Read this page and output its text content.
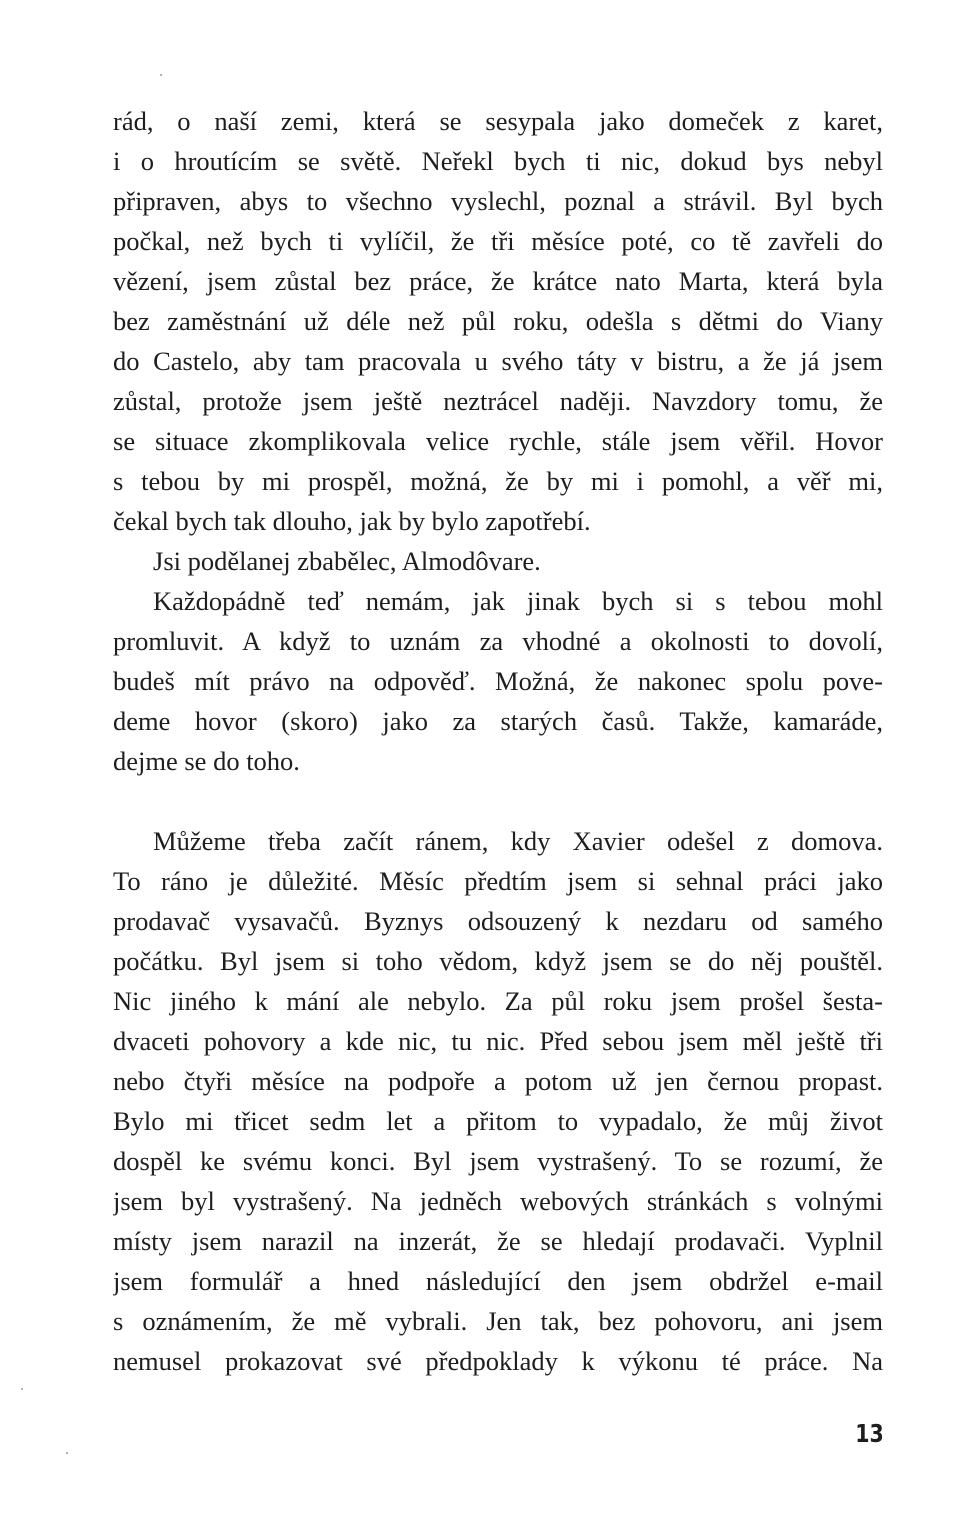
rád, o naší zemi, která se sesypala jako domeček z karet,
i o hroutícím se světě. Neřekl bych ti nic, dokud bys nebyl
připraven, abys to všechno vyslechl, poznal a strávil. Byl bych
počkal, než bych ti vylíčil, že tři měsíce poté, co tě zavřeli do
vězení, jsem zůstal bez práce, že krátce nato Marta, která byla
bez zaměstnání už déle než půl roku, odešla s dětmi do Viany
do Castelo, aby tam pracovala u svého táty v bistru, a že já jsem
zůstal, protože jsem ještě neztrácel naději. Navzdory tomu, že
se situace zkomplikovala velice rychle, stále jsem věřil. Hovor
s tebou by mi prospěl, možná, že by mi i pomohl, a věř mi,
čekal bych tak dlouho, jak by bylo zapotřebí.
Jsi podělanej zbabělec, Almodôvare.
Každopádně teď nemám, jak jinak bych si s tebou mohl
promluvit. A když to uznám za vhodné a okolnosti to dovolí,
budeš mít právo na odpověď. Možná, že nakonec spolu pove-
deme hovor (skoro) jako za starých časů. Takže, kamaráde,
dejme se do toho.
Můžeme třeba začít ránem, kdy Xavier odešel z domova.
To ráno je důležité. Měsíc předtím jsem si sehnal práci jako
prodavač vysavačů. Byznys odsouzený k nezdaru od samého
počátku. Byl jsem si toho vědom, když jsem se do něj pouštěl.
Nic jiného k mání ale nebylo. Za půl roku jsem prošel šesta-
dvaceti pohovory a kde nic, tu nic. Před sebou jsem měl ještě tři
nebo čtyři měsíce na podpoře a potom už jen černou propast.
Bylo mi třicet sedm let a přitom to vypadalo, že můj život
dospěl ke svému konci. Byl jsem vystrašený. To se rozumí, že
jsem byl vystrašený. Na jedněch webových stránkách s volnými
místy jsem narazil na inzerát, že se hledají prodavači. Vyplnil
jsem formulář a hned následující den jsem obdržel e-mail
s oznámením, že mě vybrali. Jen tak, bez pohovoru, ani jsem
nemusel prokazovat své předpoklady k výkonu té práce. Na
13
